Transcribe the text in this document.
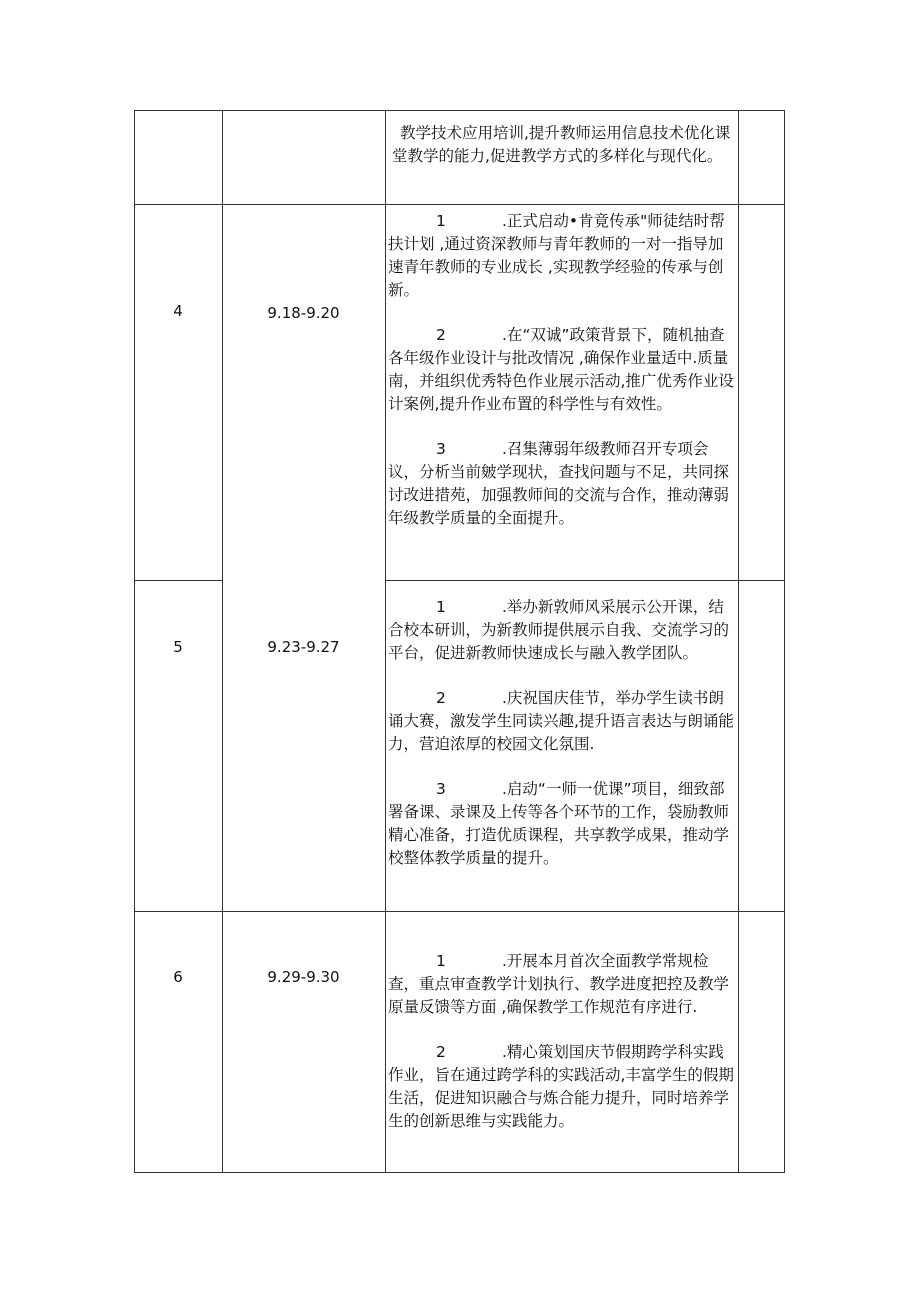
教学技术应用培训,提升教师运用信息技术优化课堂教学的能力,促进教学方式的多样化与现代化。
4	9.18-9.20
1	.正式启动•肯竟传承"师徒结时帮扶计划 ,通过资深教师与青年教师的一对一指导加速青年教师的专业成长 ,实现教学经验的传承与创新。
2	.在“双诚”政策背景下，随机抽查各年级作业设计与批改情况 ,确保作业量适中.质量南，并组织优秀特色作业展示活动,推广优秀作业设计案例,提升作业布置的科学性与有效性。
3	.召集薄弱年级教师召开专项会议，分析当前皴学现状，查找问题与不足，共同探讨改进措苑，加强教师间的交流与合作，推动薄弱年级教学质量的全面提升。
5	9.23-9.27
1	.举办新敦师风采展示公开课，结合校本研训，为新教师提供展示自我、交流学习的平台，促进新教师快速成长与融入教学团队。
2	.庆祝国庆佳节，举办学生读书朗诵大赛，激发学生同读兴趣,提升语言表达与朗诵能力，营迫浓厚的校园文化氛围.
3	.启动“一师一优课”项目，细致部署备课、录课及上传等各个环节的工作，袋励教师精心准备，打造优质课程，共享教学成果，推动学校整体教学质量的提升。
6	9.29-9.30
1	.开展本月首次全面教学常规检查，重点审查教学计划执行、教学进度把控及教学原量反馈等方面 ,确保教学工作规范有序进行.
2	.精心策划国庆节假期跨学科实践作业，旨在通过跨学科的实践活动,丰富学生的假期生活，促进知识融合与炼合能力提升，同时培养学生的创新思维与实践能力。
